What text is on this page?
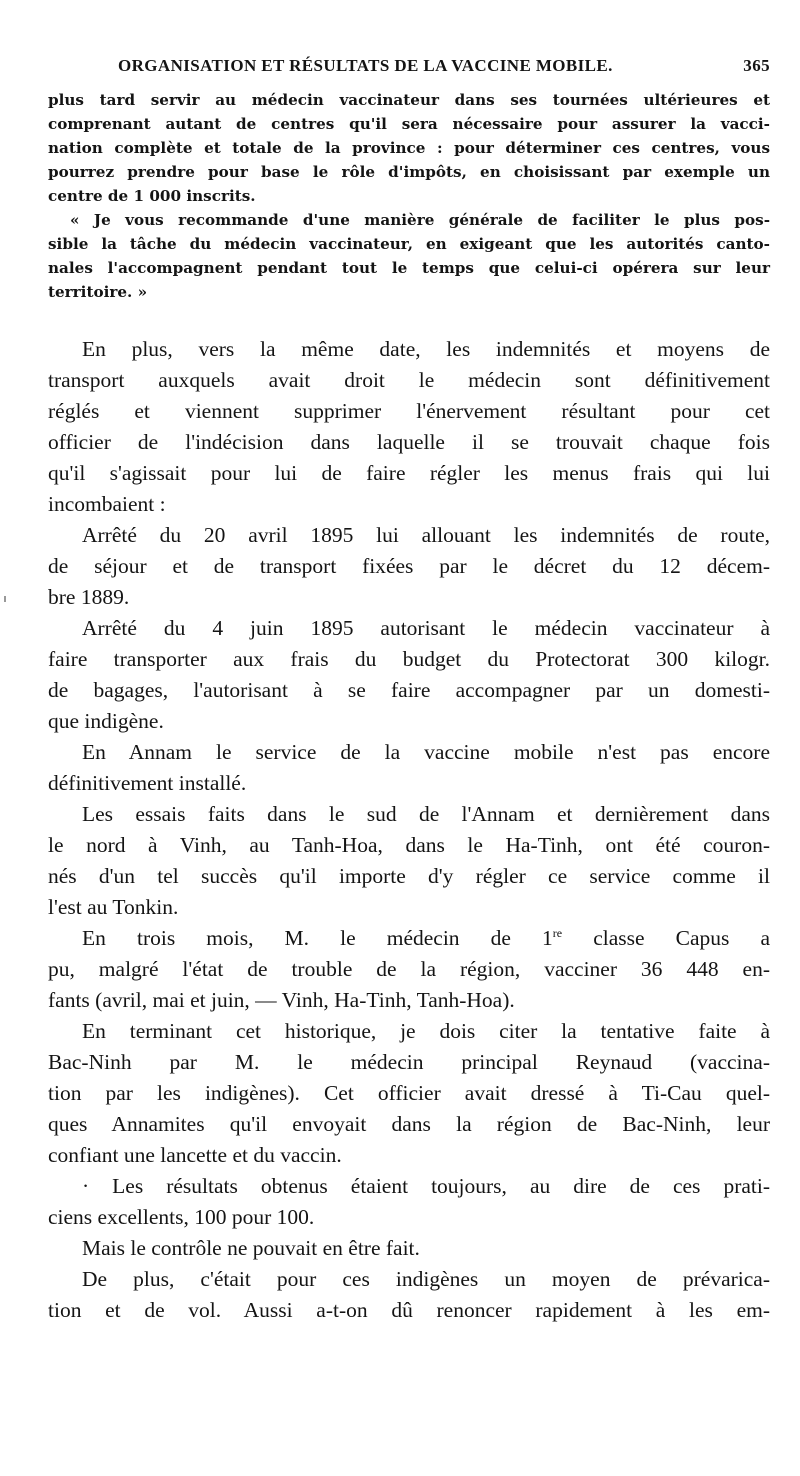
ORGANISATION ET RÉSULTATS DE LA VACCINE MOBILE.	365
plus tard servir au médecin vaccinateur dans ses tournées ultérieures et
comprenant autant de centres qu'il sera nécessaire pour assurer la vacci-
nation complète et totale de la province : pour déterminer ces centres, vous
pourrez prendre pour base le rôle d'impôts, en choisissant par exemple un
centre de 1 000 inscrits.
« Je vous recommande d'une manière générale de faciliter le plus pos-
sible la tâche du médecin vaccinateur, en exigeant que les autorités canto-
nales l'accompagnent pendant tout le temps que celui-ci opérera sur leur
territoire. »
En plus, vers la même date, les indemnités et moyens de
transport auxquels avait droit le médecin sont définitivement
réglés et viennent supprimer l'énervement résultant pour cet
officier de l'indécision dans laquelle il se trouvait chaque fois
qu'il s'agissait pour lui de faire régler les menus frais qui lui
incombaient :
Arrêté du 20 avril 1895 lui allouant les indemnités de route,
de séjour et de transport fixées par le décret du 12 décem-
bre 1889.
Arrêté du 4 juin 1895 autorisant le médecin vaccinateur à
faire transporter aux frais du budget du Protectorat 300 kilogr.
de bagages, l'autorisant à se faire accompagner par un domesti-
que indigène.
En Annam le service de la vaccine mobile n'est pas encore
définitivement installé.
Les essais faits dans le sud de l'Annam et dernièrement dans
le nord à Vinh, au Tanh-Hoa, dans le Ha-Tinh, ont été couron-
nés d'un tel succès qu'il importe d'y régler ce service comme il
l'est au Tonkin.
En trois mois, M. le médecin de 1re classe Capus a
pu, malgré l'état de trouble de la région, vacciner 36 448 en-
fants (avril, mai et juin, — Vinh, Ha-Tinh, Tanh-Hoa).
En terminant cet historique, je dois citer la tentative faite à
Bac-Ninh par M. le médecin principal Reynaud (vaccina-
tion par les indigènes). Cet officier avait dressé à Ti-Cau quel-
ques Annamites qu'il envoyait dans la région de Bac-Ninh, leur
confiant une lancette et du vaccin.
· Les résultats obtenus étaient toujours, au dire de ces prati-
ciens excellents, 100 pour 100.
Mais le contrôle ne pouvait en être fait.
De plus, c'était pour ces indigènes un moyen de prévarica-
tion et de vol. Aussi a-t-on dû renoncer rapidement à les em-
